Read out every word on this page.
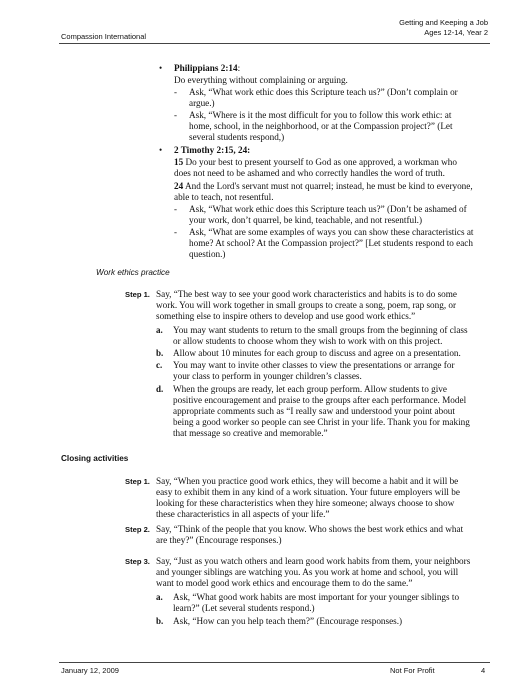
Getting and Keeping a Job
Ages 12-14, Year 2
Compassion International
• Philippians 2:14:
Do everything without complaining or arguing.
- Ask, “What work ethic does this Scripture teach us?” (Don’t complain or
argue.)
- Ask, “Where is it the most difficult for you to follow this work ethic: at
home, school, in the neighborhood, or at the Compassion project?” (Let
several students respond,)
• 2 Timothy 2:15, 24:
15 Do your best to present yourself to God as one approved, a workman who
does not need to be ashamed and who correctly handles the word of truth.
24 And the Lord's servant must not quarrel; instead, he must be kind to everyone,
able to teach, not resentful.
- Ask, “What work ethic does this Scripture teach us?” (Don’t be ashamed of
your work, don’t quarrel, be kind, teachable, and not resentful.)
- Ask, “What are some examples of ways you can show these characteristics at
home? At school? At the Compassion project?” [Let students respond to each
question.)
Work ethics practice
Step 1. Say, “The best way to see your good work characteristics and habits is to do some
work. You will work together in small groups to create a song, poem, rap song, or
something else to inspire others to develop and use good work ethics.”
a. You may want students to return to the small groups from the beginning of class
or allow students to choose whom they wish to work with on this project.
b. Allow about 10 minutes for each group to discuss and agree on a presentation.
c. You may want to invite other classes to view the presentations or arrange for
your class to perform in younger children’s classes.
d. When the groups are ready, let each group perform. Allow students to give
positive encouragement and praise to the groups after each performance. Model
appropriate comments such as “I really saw and understood your point about
being a good worker so people can see Christ in your life. Thank you for making
that message so creative and memorable.”
Closing activities
Step 1. Say, “When you practice good work ethics, they will become a habit and it will be
easy to exhibit them in any kind of a work situation. Your future employers will be
looking for these characteristics when they hire someone; always choose to show
these characteristics in all aspects of your life.”
Step 2. Say, “Think of the people that you know. Who shows the best work ethics and what
are they?” (Encourage responses.)
Step 3. Say, “Just as you watch others and learn good work habits from them, your neighbors
and younger siblings are watching you. As you work at home and school, you will
want to model good work ethics and encourage them to do the same.”
a. Ask, “What good work habits are most important for your younger siblings to
learn?” (Let several students respond.)
b. Ask, “How can you help teach them?” (Encourage responses.)
January 12, 2009	Not For Profit	4
